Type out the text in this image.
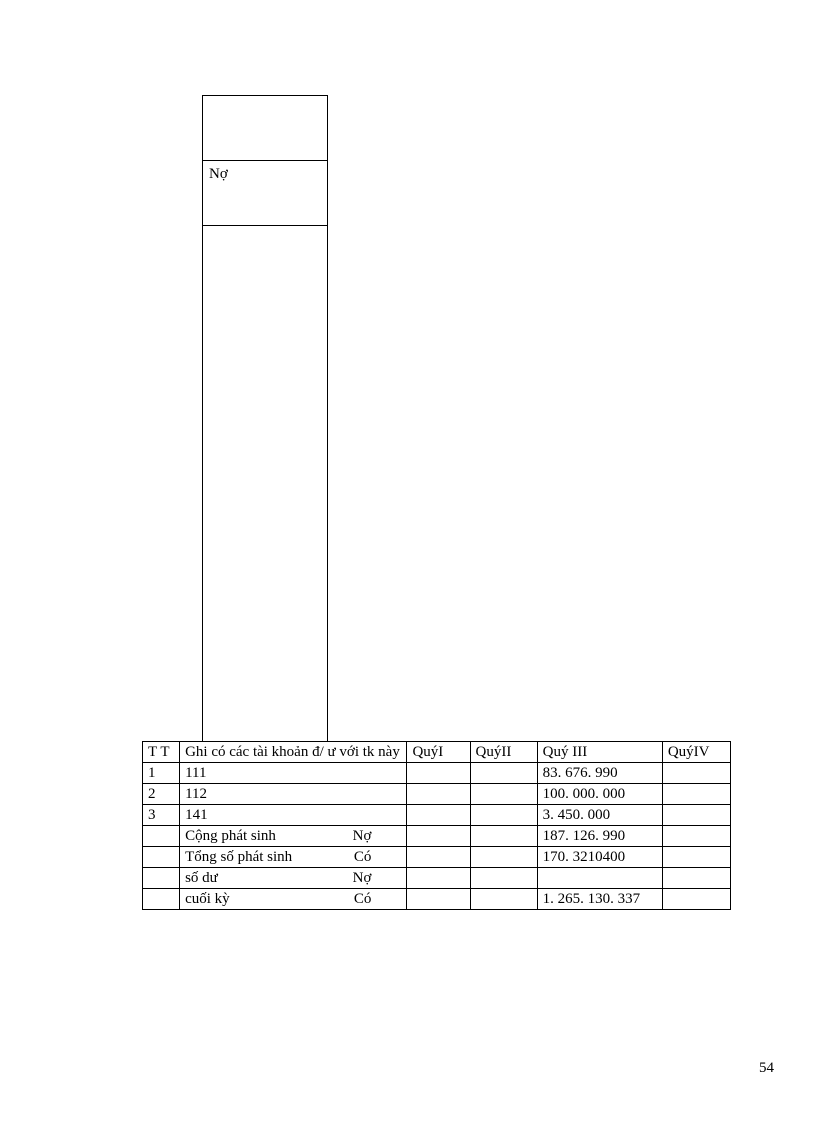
Nợ
T T	Ghi có các tài khoản đ/ ư với tk này	QuýI	QuýII	Quý III	QuýIV
1	111			83. 676. 990	
2	112			100. 000. 000	
3	141			3. 450. 000	

	Cộng phát sinh Nợ			187. 126. 990	

	Tổng số phát sinh Có			170. 3210400	

	số dư Nợ				

	cuối kỳ Có			1. 265. 130. 337	
54
